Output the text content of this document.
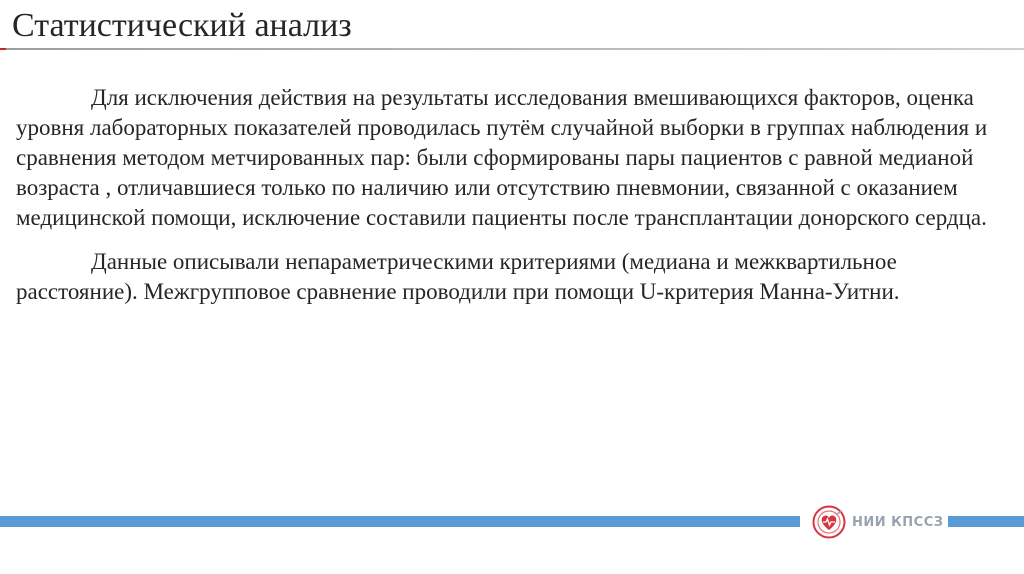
Статистический анализ

Для исключения действия на результаты исследования вмешивающихся факторов, оценка уровня лабораторных показателей проводилась путём случайной выборки в группах наблюдения и сравнения методом метчированных пар: были сформированы пары пациентов с равной медианой возраста , отличавшиеся только по наличию или отсутствию пневмонии, связанной с оказанием медицинской помощи, исключение составили пациенты после трансплантации донорского сердца.

Данные описывали непараметрическими критериями (медиана и межквартильное расстояние). Межгрупповое сравнение проводили при помощи U-критерия Манна-Уитни.

НИИ КПССЗ
